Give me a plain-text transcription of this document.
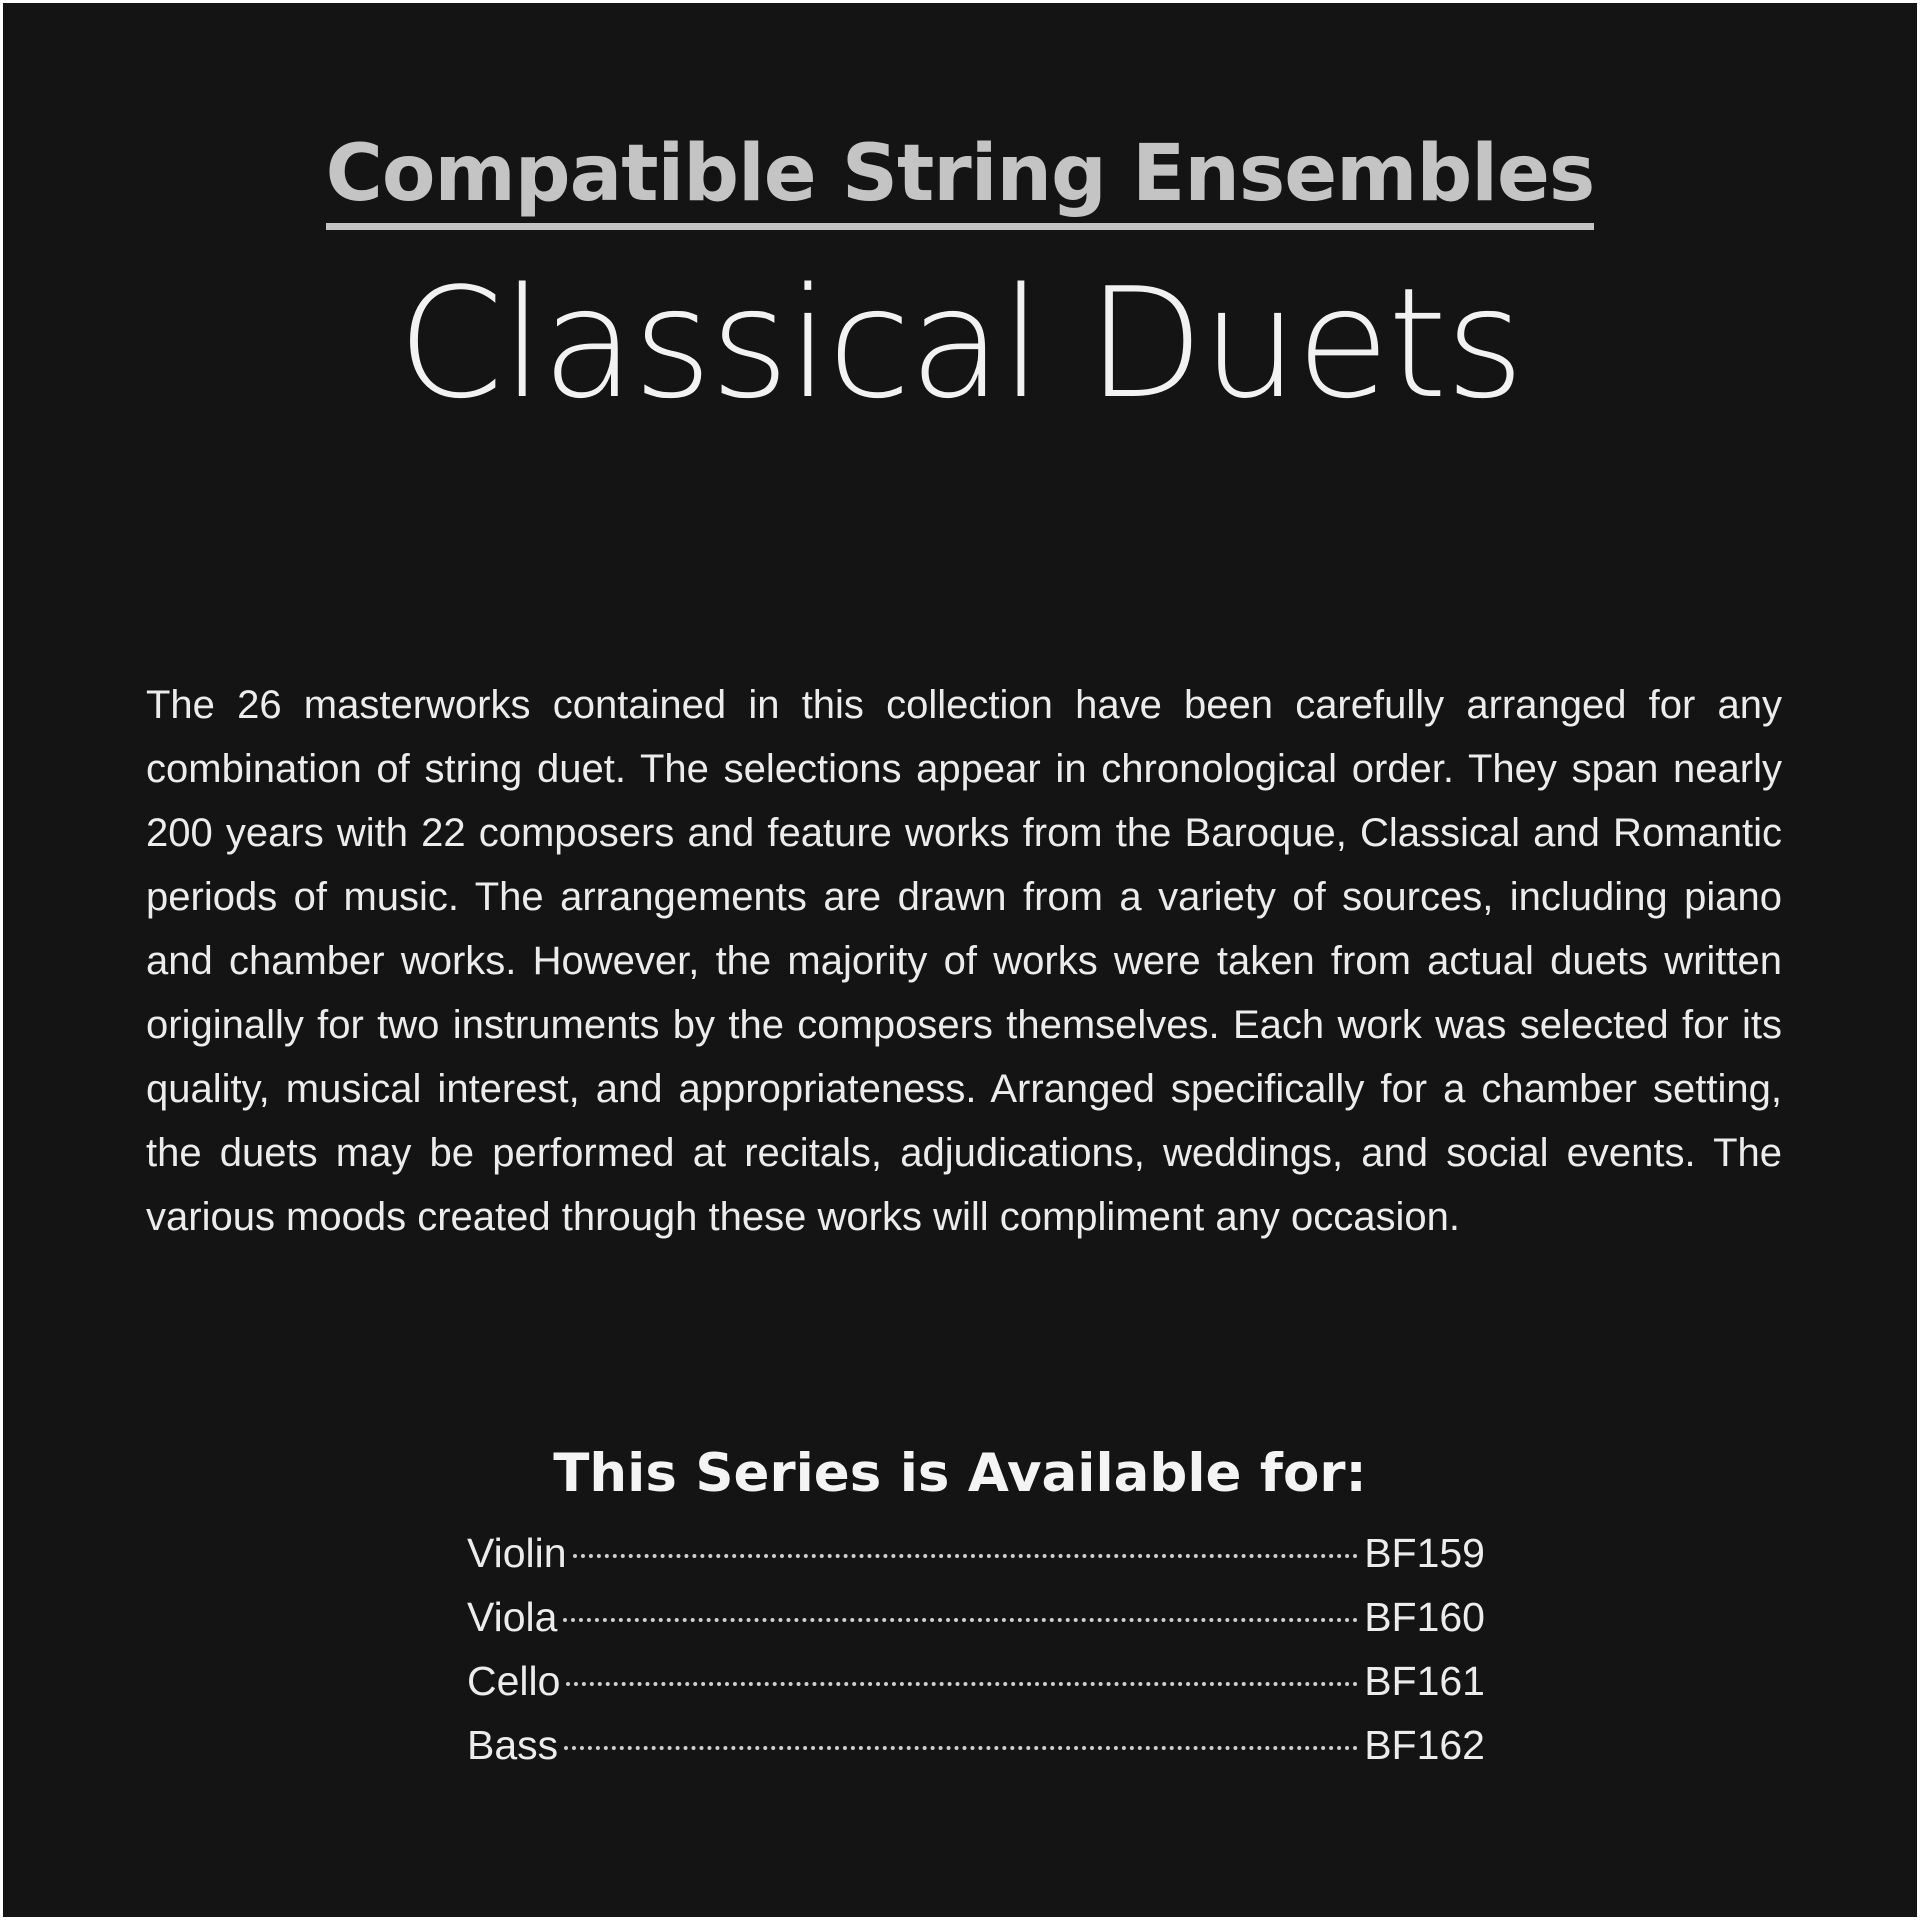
Compatible String Ensembles
Classical Duets

The 26 masterworks contained in this collection have been carefully arranged for any combination of string duet. The selections appear in chronological order. They span nearly 200 years with 22 composers and feature works from the Baroque, Classical and Romantic periods of music. The arrangements are drawn from a variety of sources, including piano and chamber works. However, the majority of works were taken from actual duets written originally for two instruments by the composers themselves. Each work was selected for its quality, musical interest, and appropriateness. Arranged specifically for a chamber setting, the duets may be performed at recitals, adjudications, weddings, and social events. The various moods created through these works will compliment any occasion.

This Series is Available for:
Violin	BF159
Viola	BF160
Cello	BF161
Bass	BF162
